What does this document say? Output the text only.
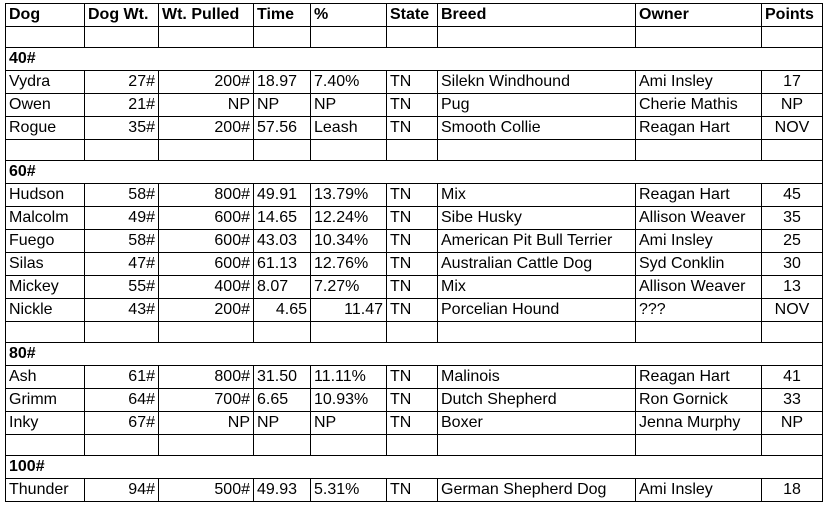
Dog	Dog Wt.	Wt. Pulled	Time	%	State	Breed	Owner	Points

40#								
Vydra	27#	200#	18.97	7.40%	TN	Silekn Windhound	Ami Insley	17
Owen	21#	NP	NP	NP	TN	Pug	Cherie Mathis	NP
Rogue	35#	200#	57.56	Leash	TN	Smooth Collie	Reagan Hart	NOV

60#								
Hudson	58#	800#	49.91	13.79%	TN	Mix	Reagan Hart	45
Malcolm	49#	600#	14.65	12.24%	TN	Sibe Husky	Allison Weaver	35
Fuego	58#	600#	43.03	10.34%	TN	American Pit Bull Terrier	Ami Insley	25
Silas	47#	600#	61.13	12.76%	TN	Australian Cattle Dog	Syd Conklin	30
Mickey	55#	400#	8.07	7.27%	TN	Mix	Allison Weaver	13
Nickle	43#	200#	4.65	11.47	TN	Porcelian Hound	???	NOV

80#								
Ash	61#	800#	31.50	11.11%	TN	Malinois	Reagan Hart	41
Grimm	64#	700#	6.65	10.93%	TN	Dutch Shepherd	Ron Gornick	33
Inky	67#	NP	NP	NP	TN	Boxer	Jenna Murphy	NP

100#								
Thunder	94#	500#	49.93	5.31%	TN	German Shepherd Dog	Ami Insley	18
